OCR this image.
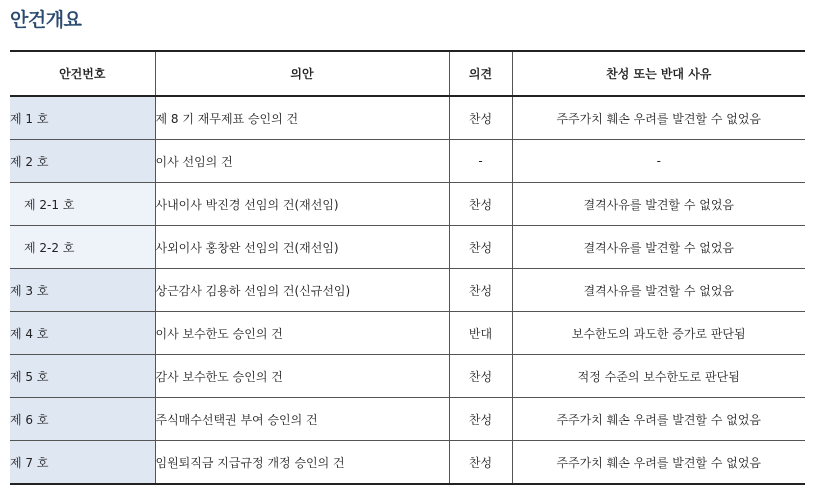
안건개요
안건번호	의안	의견	찬성 또는 반대 사유
제 1 호	제 8 기 재무제표 승인의 건	찬성	주주가치 훼손 우려를 발견할 수 없었음
제 2 호	이사 선임의 건	-	-
제 2-1 호	사내이사 박진경 선임의 건(재선임)	찬성	결격사유를 발견할 수 없었음
제 2-2 호	사외이사 홍창완 선임의 건(재선임)	찬성	결격사유를 발견할 수 없었음
제 3 호	상근감사 김용하 선임의 건(신규선임)	찬성	결격사유를 발견할 수 없었음
제 4 호	이사 보수한도 승인의 건	반대	보수한도의 과도한 증가로 판단됨
제 5 호	감사 보수한도 승인의 건	찬성	적정 수준의 보수한도로 판단됨
제 6 호	주식매수선택권 부여 승인의 건	찬성	주주가치 훼손 우려를 발견할 수 없었음
제 7 호	임원퇴직금 지급규정 개정 승인의 건	찬성	주주가치 훼손 우려를 발견할 수 없었음
